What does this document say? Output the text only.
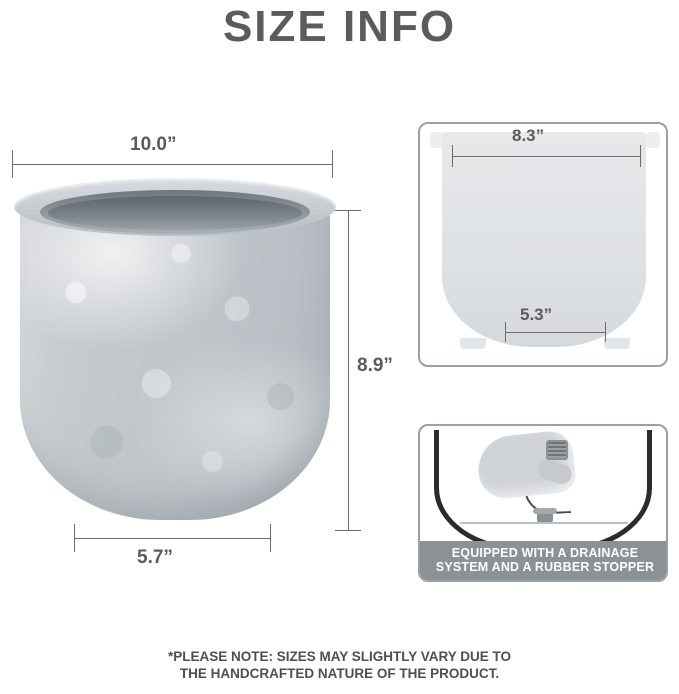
SIZE INFO
10.0”
5.7”
8.9”
8.3”
5.3”
EQUIPPED WITH A DRAINAGE
SYSTEM AND A RUBBER STOPPER
*PLEASE NOTE: SIZES MAY SLIGHTLY VARY DUE TO
THE HANDCRAFTED NATURE OF THE PRODUCT.
